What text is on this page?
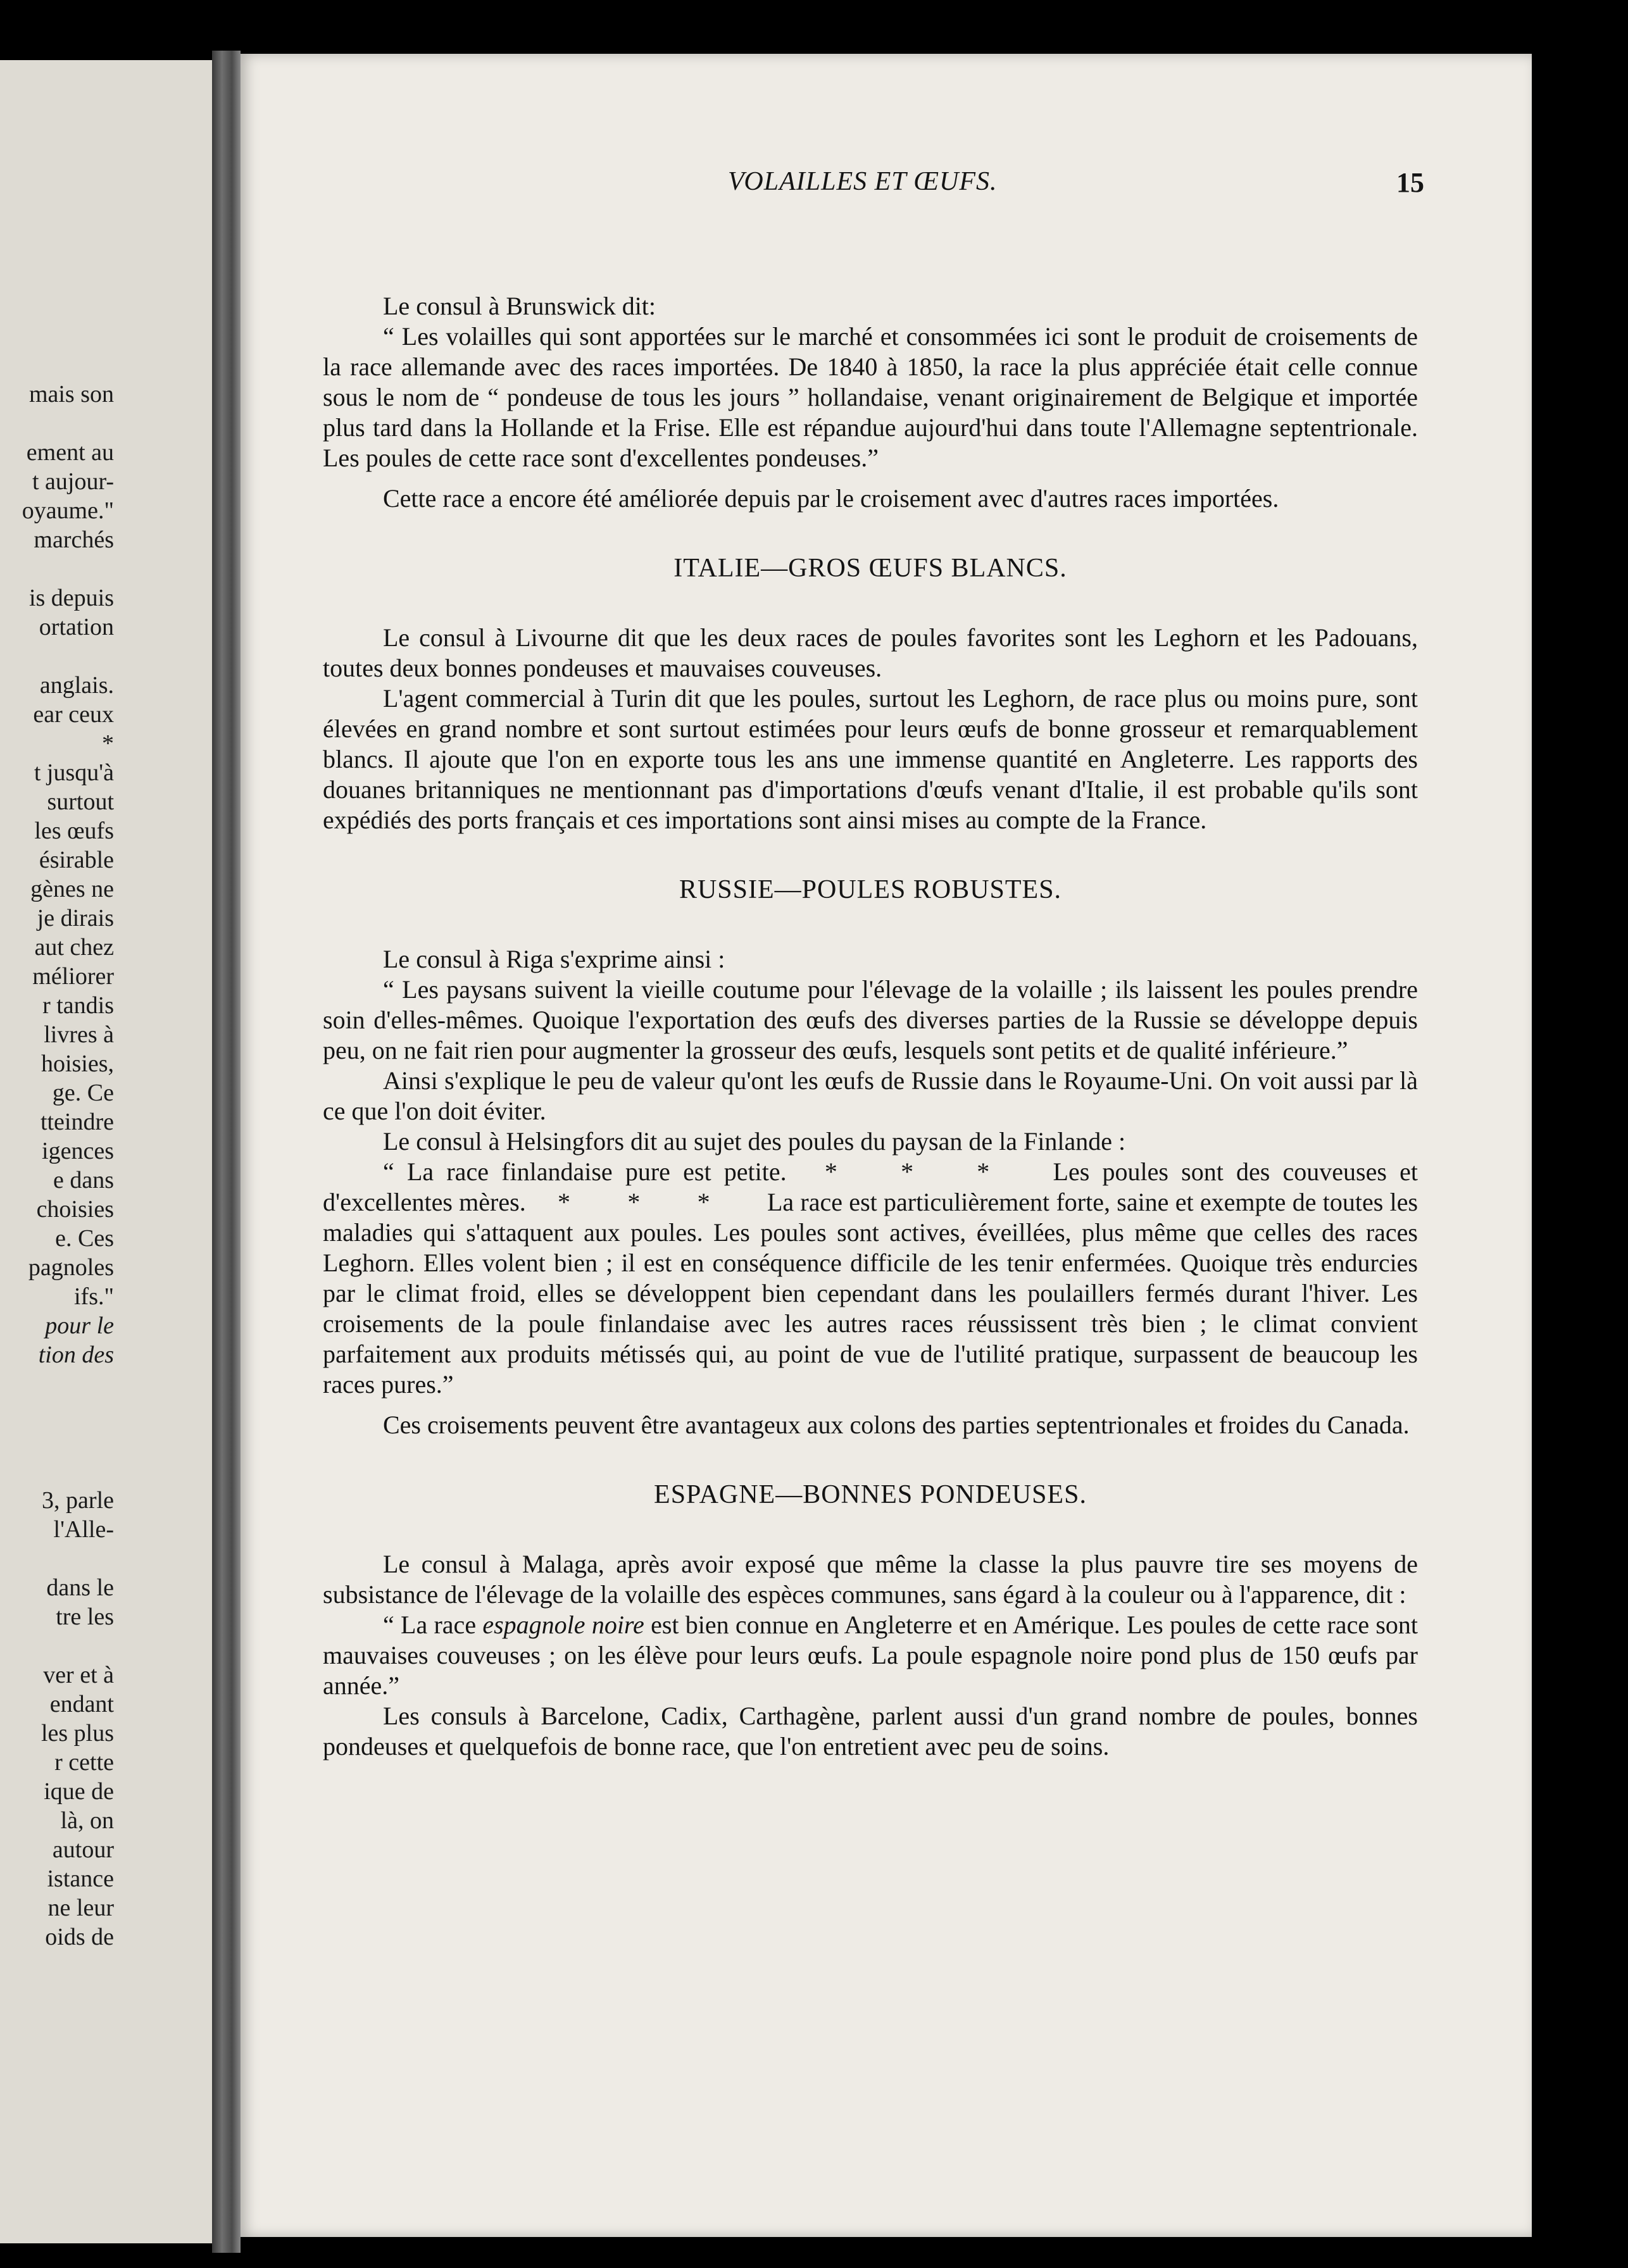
mais son
ement au
t aujour-
oyaume."
marchés
is depuis
ortation
anglais.
ear ceux
*
t jusqu'à
surtout
les œufs
ésirable
gènes ne
je dirais
aut chez
méliorer
r tandis
livres à
hoisies,
ge. Ce
tteindre
igences
e dans
choisies
e. Ces
pagnoles
ifs."
pour le
tion des
3, parle
l'Alle-
dans le
tre les
ver et à
endant
les plus
r cette
ique de
là, on
autour
istance
ne leur
oids de
VOLAILLES ET ŒUFS.	15

Le consul à Brunswick dit:

“ Les volailles qui sont apportées sur le marché et consommées ici sont le produit de croisements de la race allemande avec des races importées. De 1840 à 1850, la race la plus appréciée était celle connue sous le nom de “ pondeuse de tous les jours ” hollandaise, venant originairement de Belgique et importée plus tard dans la Hollande et la Frise. Elle est répandue aujourd'hui dans toute l'Allemagne septentrionale. Les poules de cette race sont d'excellentes pondeuses.”

Cette race a encore été améliorée depuis par le croisement avec d'autres races importées.

ITALIE—GROS ŒUFS BLANCS.

Le consul à Livourne dit que les deux races de poules favorites sont les Leghorn et les Padouans, toutes deux bonnes pondeuses et mauvaises couveuses.

L'agent commercial à Turin dit que les poules, surtout les Leghorn, de race plus ou moins pure, sont élevées en grand nombre et sont surtout estimées pour leurs œufs de bonne grosseur et remarquablement blancs. Il ajoute que l'on en exporte tous les ans une immense quantité en Angleterre. Les rapports des douanes britanniques ne mentionnant pas d'importations d'œufs venant d'Italie, il est probable qu'ils sont expédiés des ports français et ces importations sont ainsi mises au compte de la France.

RUSSIE—POULES ROBUSTES.

Le consul à Riga s'exprime ainsi :

“ Les paysans suivent la vieille coutume pour l'élevage de la volaille ; ils laissent les poules prendre soin d'elles-mêmes. Quoique l'exportation des œufs des diverses parties de la Russie se développe depuis peu, on ne fait rien pour augmenter la grosseur des œufs, lesquels sont petits et de qualité inférieure.”

Ainsi s'explique le peu de valeur qu'ont les œufs de Russie dans le Royaume-Uni. On voit aussi par là ce que l'on doit éviter.

Le consul à Helsingfors dit au sujet des poules du paysan de la Finlande :

“ La race finlandaise pure est petite. * * * Les poules sont des couveuses et d'excellentes mères. * * * La race est particulièrement forte, saine et exempte de toutes les maladies qui s'attaquent aux poules. Les poules sont actives, éveillées, plus même que celles des races Leghorn. Elles volent bien ; il est en conséquence difficile de les tenir enfermées. Quoique très endurcies par le climat froid, elles se développent bien cependant dans les poulaillers fermés durant l'hiver. Les croisements de la poule finlandaise avec les autres races réussissent très bien ; le climat convient parfaitement aux produits métissés qui, au point de vue de l'utilité pratique, surpassent de beaucoup les races pures.”

Ces croisements peuvent être avantageux aux colons des parties septentrionales et froides du Canada.

ESPAGNE—BONNES PONDEUSES.

Le consul à Malaga, après avoir exposé que même la classe la plus pauvre tire ses moyens de subsistance de l'élevage de la volaille des espèces communes, sans égard à la couleur ou à l'apparence, dit :

“ La race espagnole noire est bien connue en Angleterre et en Amérique. Les poules de cette race sont mauvaises couveuses ; on les élève pour leurs œufs. La poule espagnole noire pond plus de 150 œufs par année.”

Les consuls à Barcelone, Cadix, Carthagène, parlent aussi d'un grand nombre de poules, bonnes pondeuses et quelquefois de bonne race, que l'on entretient avec peu de soins.
